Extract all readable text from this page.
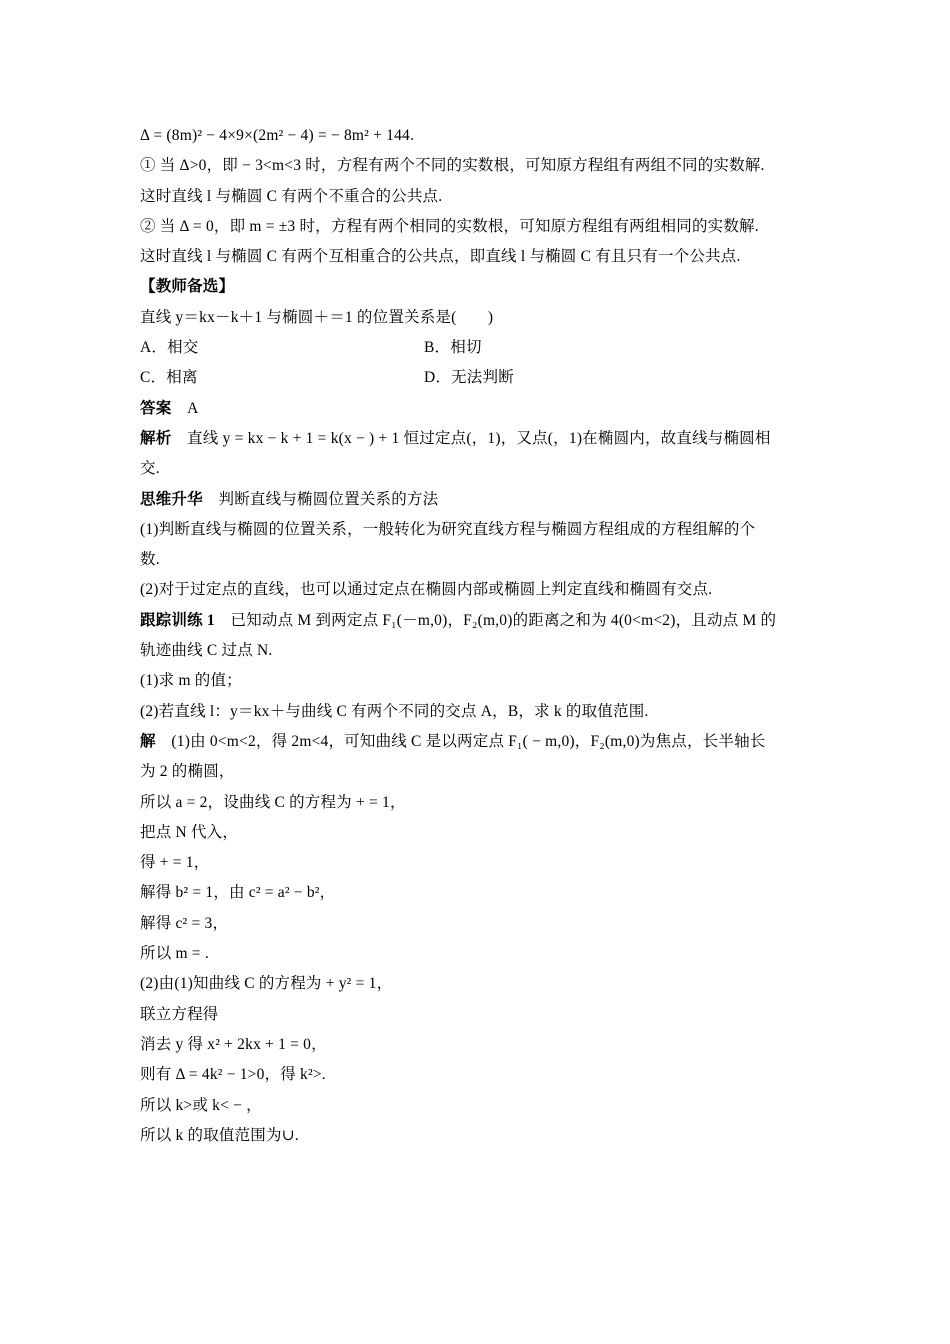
Δ = (8m)² − 4×9×(2m² − 4) = − 8m² + 144.
① 当 Δ>0，即 − 3<m<3 时，方程有两个不同的实数根，可知原方程组有两组不同的实数解.
这时直线 l 与椭圆 C 有两个不重合的公共点.
② 当 Δ = 0，即 m = ±3 时，方程有两个相同的实数根，可知原方程组有两组相同的实数解.
这时直线 l 与椭圆 C 有两个互相重合的公共点，即直线 l 与椭圆 C 有且只有一个公共点.
【教师备选】
直线 y＝kx－k＋1 与椭圆＋＝1 的位置关系是(　　)
A．相交	B．相切
C．相离	D．无法判断
答案　 A
解析　 直线 y = kx − k + 1 = k(x − ) + 1 恒过定点(，1)，又点(，1)在椭圆内，故直线与椭圆相
交.
思维升华　 判断直线与椭圆位置关系的方法
(1)判断直线与椭圆的位置关系，一般转化为研究直线方程与椭圆方程组成的方程组解的个
数.
(2)对于过定点的直线，也可以通过定点在椭圆内部或椭圆上判定直线和椭圆有交点.
跟踪训练 1　 已知动点 M 到两定点 F₁(－m,0)，F₂(m,0)的距离之和为 4(0<m<2)，且动点 M 的
轨迹曲线 C 过点 N.
(1)求 m 的值；
(2)若直线 l：y＝kx＋与曲线 C 有两个不同的交点 A，B，求 k 的取值范围.
解　 (1)由 0<m<2，得 2m<4，可知曲线 C 是以两定点 F₁( − m,0)，F₂(m,0)为焦点，长半轴长
为 2 的椭圆，
所以 a = 2，设曲线 C 的方程为 + = 1，
把点 N 代入，
得 + = 1，
解得 b² = 1，由 c² = a² − b²，
解得 c² = 3，
所以 m = .
(2)由(1)知曲线 C 的方程为 + y² = 1，
联立方程得
消去 y 得 x² + 2kx + 1 = 0，
则有 Δ = 4k² − 1>0，得 k²>.
所以 k>或 k< − ，
所以 k 的取值范围为∪.
